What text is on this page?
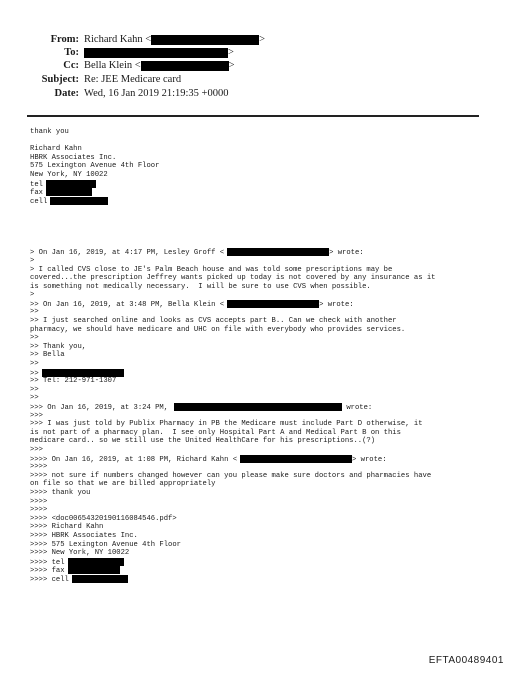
From: Richard Kahn <	>
To:	>
Cc: Bella Klein <	>
Subject: Re: JEE Medicare card
Date: Wed, 16 Jan 2019 21:19:35 +0000
thank you
Richard Kahn
HBRK Associates Inc.
575 Lexington Avenue 4th Floor
New York, NY 10022
tel
fax
cell
> On Jan 16, 2019, at 4:17 PM, Lesley Groff <	> wrote:
>
> I called CVS close to JE's Palm Beach house and was told some prescriptions may be
covered...the prescription Jeffrey wants picked up today is not covered by any insurance as it
is something not medically necessary.  I will be sure to use CVS when possible.
>
>> On Jan 16, 2019, at 3:48 PM, Bella Klein <	> wrote:
>>
>> I just searched online and looks as CVS accepts part B.. Can we check with another
pharmacy, we should have medicare and UHC on file with everybody who provides services.
>>
>> Thank you,
>> Bella
>>
>>
>> Tel: 212-971-1307
>>
>>
>>> On Jan 16, 2019, at 3:24 PM,	wrote:
>>>
>>> I was just told by Publix Pharmacy in PB the Medicare must include Part D otherwise, it
is not part of a pharmacy plan.  I see only Hospital Part A and Medical Part B on this
medicare card.. so we still use the United HealthCare for his prescriptions..(?)
>>>
>>>> On Jan 16, 2019, at 1:08 PM, Richard Kahn <	> wrote:
>>>>
>>>> not sure if numbers changed however can you please make sure doctors and pharmacies have
on file so that we are billed appropriately
>>>> thank you
>>>>
>>>>
>>>> <doc00654320190116084546.pdf>
>>>> Richard Kahn
>>>> HBRK Associates Inc.
>>>> 575 Lexington Avenue 4th Floor
>>>> New York, NY 10022
>>>> tel
>>>> fax
>>>> cell
EFTA00489401
